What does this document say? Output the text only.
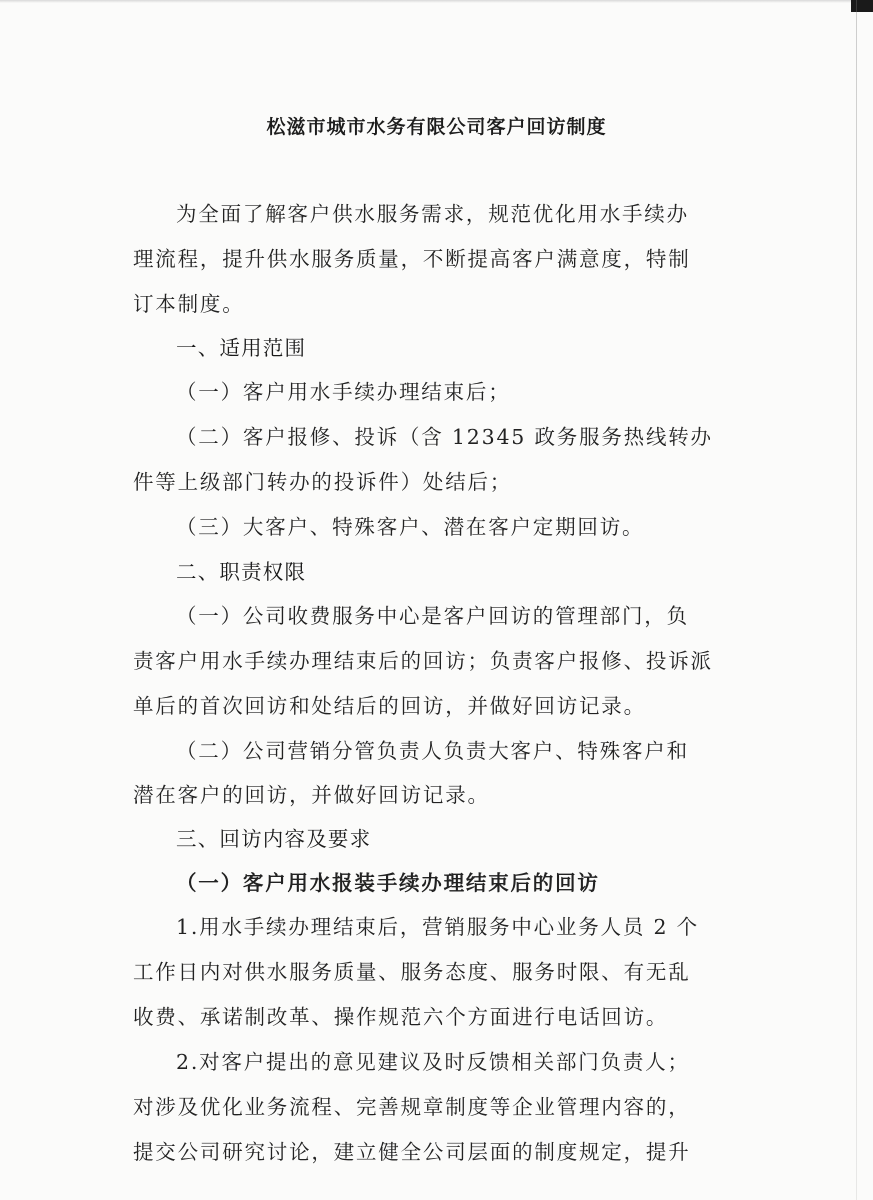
松滋市城市水务有限公司客户回访制度

为全面了解客户供水服务需求，规范优化用水手续办

理流程，提升供水服务质量，不断提高客户满意度，特制

订本制度。

一、适用范围

（一）客户用水手续办理结束后；

（二）客户报修、投诉（含 12345 政务服务热线转办

件等上级部门转办的投诉件）处结后；

（三）大客户、特殊客户、潜在客户定期回访。

二、职责权限

（一）公司收费服务中心是客户回访的管理部门，负

责客户用水手续办理结束后的回访；负责客户报修、投诉派

单后的首次回访和处结后的回访，并做好回访记录。

（二）公司营销分管负责人负责大客户、特殊客户和

潜在客户的回访，并做好回访记录。

三、回访内容及要求

（一）客户用水报装手续办理结束后的回访

1.用水手续办理结束后，营销服务中心业务人员 2 个

工作日内对供水服务质量、服务态度、服务时限、有无乱

收费、承诺制改革、操作规范六个方面进行电话回访。

2.对客户提出的意见建议及时反馈相关部门负责人；

对涉及优化业务流程、完善规章制度等企业管理内容的，

提交公司研究讨论，建立健全公司层面的制度规定，提升
